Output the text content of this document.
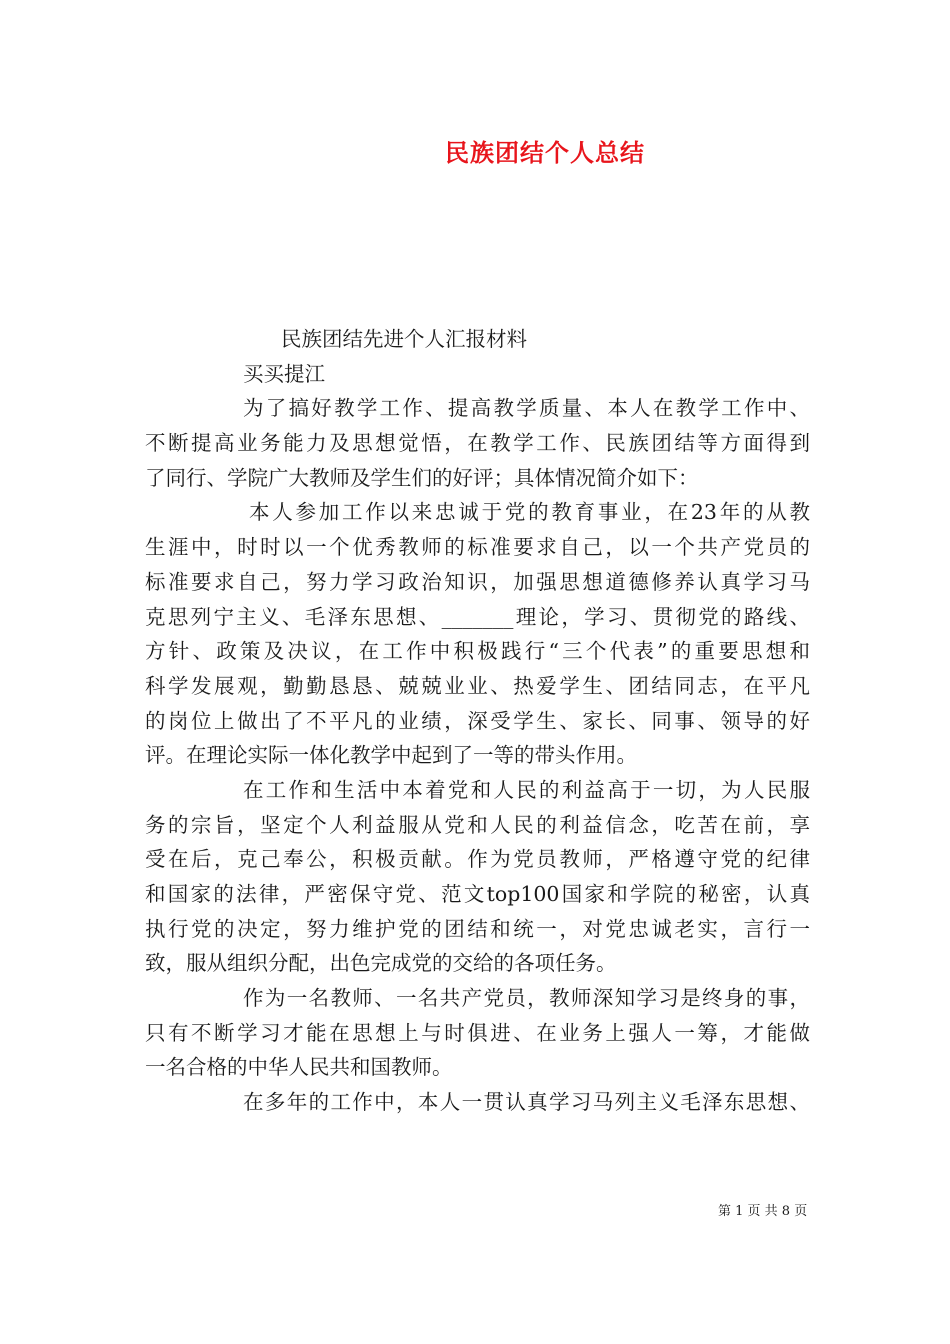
民族团结个人总结
民族团结先进个人汇报材料
买买提江
为了搞好教学工作、提高教学质量、本人在教学工作中、
不断提高业务能力及思想觉悟，在教学工作、民族团结等方面得到
了同行、学院广大教师及学生们的好评；具体情况简介如下：
本人参加工作以来忠诚于党的教育事业，在23年的从教
生涯中，时时以一个优秀教师的标准要求自己，以一个共产党员的
标准要求自己，努力学习政治知识，加强思想道德修养认真学习马
克思列宁主义、毛泽东思想、_______理论，学习、贯彻党的路线、
方针、政策及决议，在工作中积极践行“三个代表”的重要思想和
科学发展观，勤勤恳恳、兢兢业业、热爱学生、团结同志，在平凡
的岗位上做出了不平凡的业绩，深受学生、家长、同事、领导的好
评。在理论实际一体化教学中起到了一等的带头作用。
在工作和生活中本着党和人民的利益高于一切，为人民服
务的宗旨，坚定个人利益服从党和人民的利益信念，吃苦在前，享
受在后，克己奉公，积极贡献。作为党员教师，严格遵守党的纪律
和国家的法律，严密保守党、范文top100国家和学院的秘密，认真
执行党的决定，努力维护党的团结和统一，对党忠诚老实，言行一
致，服从组织分配，出色完成党的交给的各项任务。
作为一名教师、一名共产党员，教师深知学习是终身的事，
只有不断学习才能在思想上与时俱进、在业务上强人一筹，才能做
一名合格的中华人民共和国教师。
在多年的工作中，本人一贯认真学习马列主义毛泽东思想、
第 1 页 共 8 页
